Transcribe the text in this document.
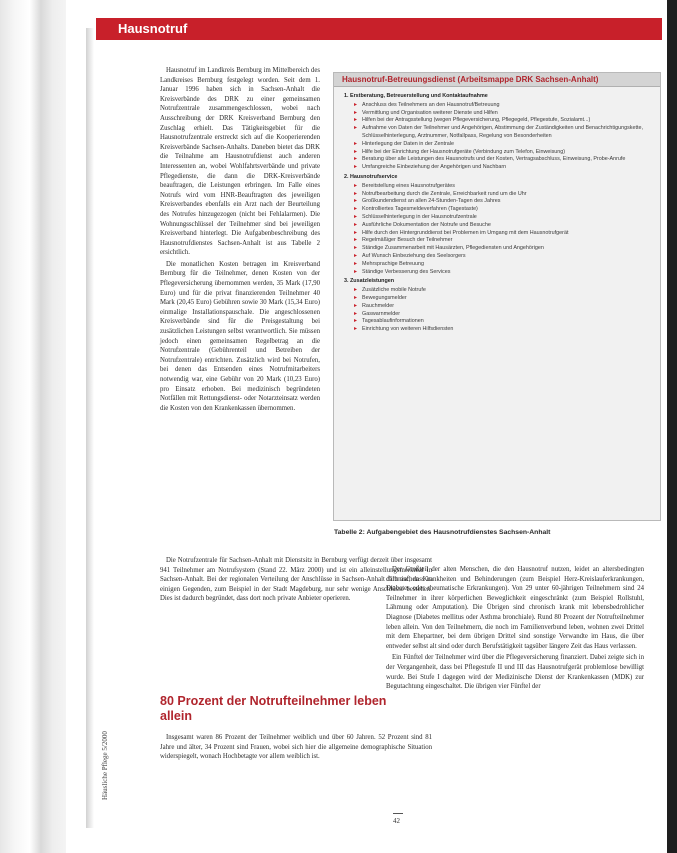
Hausnotruf

Hausnotruf im Landkreis Bernburg im Mittelbereich des Landkreises Bernburg festgelegt worden. Seit dem 1. Januar 1996 haben sich in Sachsen-Anhalt die Kreisverbände des DRK zu einer gemeinsamen Notrufzentrale zusammengeschlossen, wobei nach Ausschreibung der DRK Kreisverband Bernburg den Zuschlag erhielt. Das Tätigkeitsgebiet für die Hausnotrufzentrale erstreckt sich auf die Kooperierenden Kreisverbände Sachsen-Anhalts. Daneben bietet das DRK die Teilnahme am Hausnotrufdienst auch anderen Interessenten an, wobei Wohlfahrtsverbände und private Pflegedienste, die dann die DRK-Kreisverbände beauftragen, die Leistungen erbringen. Im Falle eines Notrufs wird vom HNR-Beauftragten des jeweiligen Kreisverbandes ebenfalls ein Arzt nach der Beurteilung des Notrufes hinzugezogen (nicht bei Fehlalarmen). Die Wohnungsschlüssel der Teilnehmer sind bei jeweiligen Kreisverband hinterlegt. Die Aufgabenbeschreibung des Hausnotrufdienstes Sachsen-Anhalt ist aus Tabelle 2 ersichtlich.

Die monatlichen Kosten betragen im Kreisverband Bernburg für die Teilnehmer, denen Kosten von der Pflegeversicherung übernommen werden, 35 Mark (17,90 Euro) und für die privat finanzierenden Teilnehmer 40 Mark (20,45 Euro) Gebühren sowie 30 Mark (15,34 Euro) einmalige Installationspauschale. Die angeschlossenen Kreisverbände sind für die Preisgestaltung bei zusätzlichen Leistungen selbst verantwortlich. Sie müssen jedoch einen gemeinsamen Regelbetrag an die Notrufzentrale (Gebührenteil und Betreiben der Notrufzentrale) entrichten. Zusätzlich wird bei Notrufen, bei denen das Entsenden eines Notrufmitarbeiters notwendig war, eine Gebühr von 20 Mark (10,23 Euro) pro Einsatz erhoben. Bei medizinisch begründeten Notfällen mit Rettungsdienst- oder Notarzteinsatz werden die Kosten von den Krankenkassen übernommen.

Hausnotruf-Betreuungsdienst (Arbeitsmappe DRK Sachsen-Anhalt)
1. Erstberatung, Betreuerstellung und Kontaktaufnahme
▸ Anschluss des Teilnehmers an den Hausnotruf/Betreuung
▸ Vermittlung und Organisation weiterer Dienste und Hilfen
▸ Hilfen bei der Antragsstellung (wegen Pflegeversicherung, Pflegegeld, Pflegestufe, Sozialamt...)
▸ Aufnahme von Daten der Teilnehmer und Angehörigen, Abstimmung der Zuständigkeiten und Benachrichtigungskette, Schlüsselhinterlegung, Arztnummer, Notfallpass, Regelung von Besonderheiten
▸ Hinterlegung der Daten in der Zentrale
▸ Hilfe bei der Einrichtung der Hausnotrufgeräte (Verbindung zum Telefon, Einweisung)
▸ Beratung über alle Leistungen des Hausnotrufs und der Kosten, Vertragsabschluss, Einweisung, Probe-Anrufe
▸ Umfangreiche Einbeziehung der Angehörigen und Nachbarn
2. Hausnotrufservice
▸ Bereitstellung eines Hausnotrufgerätes
▸ Notrufbearbeitung durch die Zentrale, Erreichbarkeit rund um die Uhr
▸ Großkundendienst an allen 24-Stunden-Tagen des Jahres
▸ Kontrolliertes Tagesmeldeverfahren (Tagestaste)
▸ Schlüsselhinterlegung in der Hausnotrufzentrale
▸ Ausführliche Dokumentation der Notrufe und Besuche
▸ Hilfe durch den Hintergrunddienst bei Problemen im Umgang mit dem Hausnotrufgerät
▸ Regelmäßiger Besuch der Teilnehmer
▸ Ständige Zusammenarbeit mit Hausärzten, Pflegediensten und Angehörigen
▸ Auf Wunsch Einbeziehung des Seelsorgers
▸ Mehrsprachige Betreuung
▸ Ständige Verbesserung des Services
3. Zusatzleistungen
▸ Zusätzliche mobile Notrufe
▸ Bewegungsmelder
▸ Rauchmelder
▸ Gaswarnmelder
▸ Tagesablaufinformationen
▸ Einrichtung von weiteren Hilfsdiensten
Tabelle 2: Aufgabengebiet des Hausnotrufdienstes Sachsen-Anhalt

Die Notrufzentrale für Sachsen-Anhalt mit Dienstsitz in Bernburg verfügt derzeit über insgesamt 941 Teilnehmer am Notrufsystem (Stand 22. März 2000) und ist ein alleinstellungsmerkmal in Sachsen-Anhalt. Bei der regionalen Verteilung der Anschlüsse in Sachsen-Anhalt fällt auf, dass in einigen Gegenden, zum Beispiel in der Stadt Magdeburg, nur sehr wenige Anschlüsse bestehen. Dies ist dadurch begründet, dass dort noch private Anbieter operieren.

80 Prozent der Notrufteilnehmer leben allein

Insgesamt waren 86 Prozent der Teilnehmer weiblich und über 60 Jahren. 52 Prozent sind 81 Jahre und älter, 34 Prozent sind Frauen, wobei sich hier die allgemeine demographische Situation widerspiegelt, wonach Hochbetagte vor allem weiblich ist.

Der Großteil der alten Menschen, die den Hausnotruf nutzen, leidet an altersbedingten chronischen Krankheiten und Behinderungen (zum Beispiel Herz-Kreislauferkrankungen, Diabetes oder rheumatische Erkrankungen). Von 29 unter 60-jährigen Teilnehmern sind 24 Teilnehmer in ihrer körperlichen Beweglichkeit eingeschränkt (zum Beispiel Rollstuhl, Lähmung oder Amputation). Die Übrigen sind chronisch krank mit lebensbedrohlicher Diagnose (Diabetes mellitus oder Asthma bronchiale). Rund 80 Prozent der Notrufteilnehmer leben allein. Von den Teilnehmern, die noch im Familienverbund leben, wohnen zwei Drittel mit dem Ehepartner, bei dem übrigen Drittel sind sonstige Verwandte im Haus, die über entweder selbst alt sind oder durch Berufstätigkeit tagsüber längere Zeit das Haus verlassen.

Ein Fünftel der Teilnehmer wird über die Pflegeversicherung finanziert. Dabei zeigte sich in der Vergangenheit, dass bei Pflegestufe II und III das Hausnotrufgerät problemlose bewilligt wurde. Bei Stufe I dagegen wird der Medizinische Dienst der Krankenkassen (MDK) zur Begutachtung eingeschaltet. Die übrigen vier Fünftel der

Häusliche Pflege 5/2000
42
